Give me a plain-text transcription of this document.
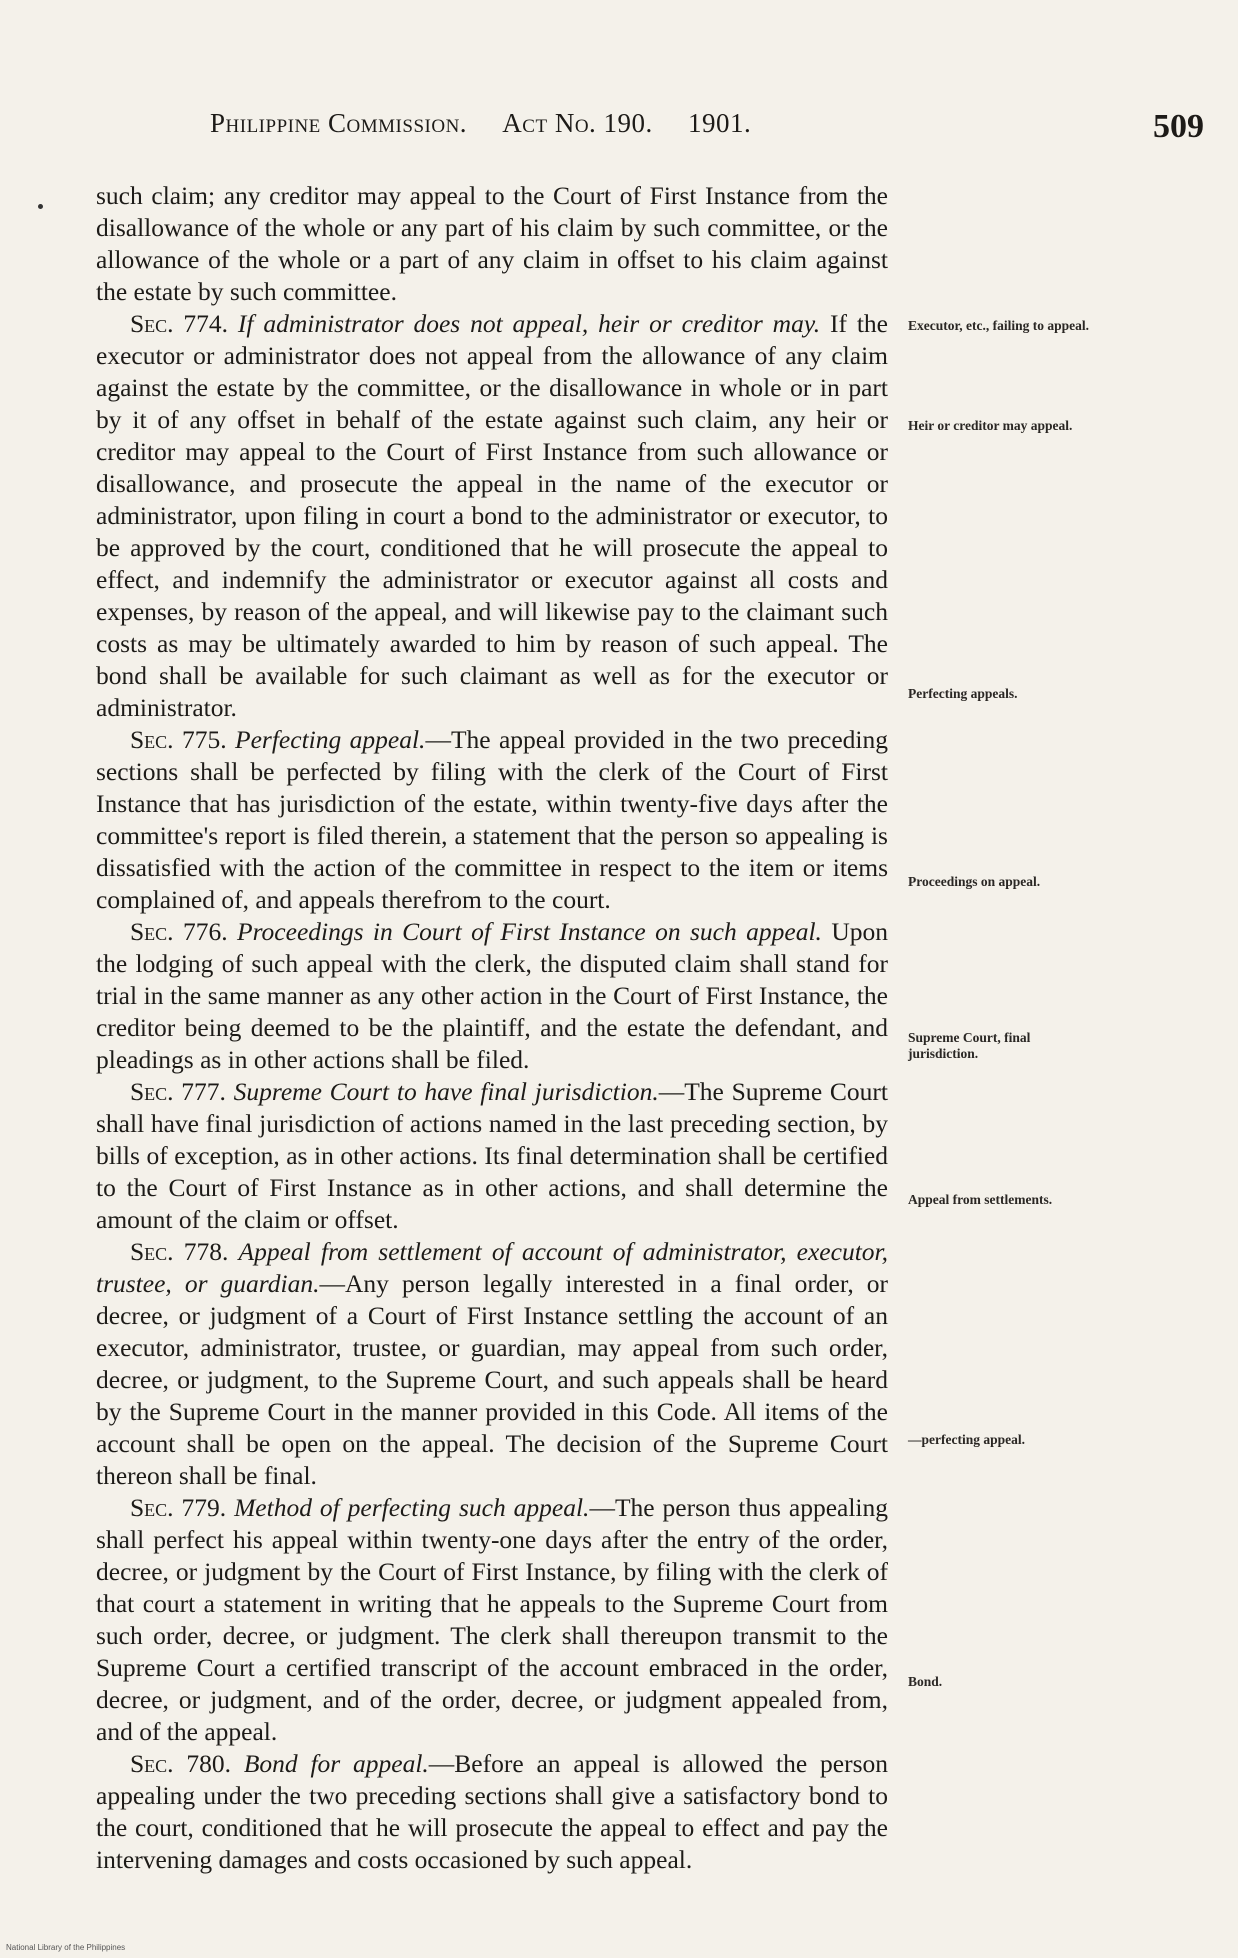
Philippine Commission. Act No. 190. 1901.	509

such claim; any creditor may appeal to the Court of First Instance from the disallowance of the whole or any part of his claim by such committee, or the allowance of the whole or a part of any claim in offset to his claim against the estate by such committee.

Sec. 774. If administrator does not appeal, heir or creditor may. If the executor or administrator does not appeal from the allowance of any claim against the estate by the committee, or the disallowance in whole or in part by it of any offset in behalf of the estate against such claim, any heir or creditor may appeal to the Court of First Instance from such allowance or disallowance, and prosecute the appeal in the name of the executor or administrator, upon filing in court a bond to the administrator or executor, to be approved by the court, conditioned that he will prosecute the appeal to effect, and indemnify the administrator or executor against all costs and expenses, by reason of the appeal, and will likewise pay to the claimant such costs as may be ultimately awarded to him by reason of such appeal. The bond shall be available for such claimant as well as for the executor or administrator.

Sec. 775. Perfecting appeal.—The appeal provided in the two preceding sections shall be perfected by filing with the clerk of the Court of First Instance that has jurisdiction of the estate, within twenty-five days after the committee's report is filed therein, a statement that the person so appealing is dissatisfied with the action of the committee in respect to the item or items complained of, and appeals therefrom to the court.

Sec. 776. Proceedings in Court of First Instance on such appeal. Upon the lodging of such appeal with the clerk, the disputed claim shall stand for trial in the same manner as any other action in the Court of First Instance, the creditor being deemed to be the plaintiff, and the estate the defendant, and pleadings as in other actions shall be filed.

Sec. 777. Supreme Court to have final jurisdiction.—The Supreme Court shall have final jurisdiction of actions named in the last preceding section, by bills of exception, as in other actions. Its final determination shall be certified to the Court of First Instance as in other actions, and shall determine the amount of the claim or offset.

Sec. 778. Appeal from settlement of account of administrator, executor, trustee, or guardian.—Any person legally interested in a final order, or decree, or judgment of a Court of First Instance settling the account of an executor, administrator, trustee, or guardian, may appeal from such order, decree, or judgment, to the Supreme Court, and such appeals shall be heard by the Supreme Court in the manner provided in this Code. All items of the account shall be open on the appeal. The decision of the Supreme Court thereon shall be final.

Sec. 779. Method of perfecting such appeal.—The person thus appealing shall perfect his appeal within twenty-one days after the entry of the order, decree, or judgment by the Court of First Instance, by filing with the clerk of that court a statement in writing that he appeals to the Supreme Court from such order, decree, or judgment. The clerk shall thereupon transmit to the Supreme Court a certified transcript of the account embraced in the order, decree, or judgment, and of the order, decree, or judgment appealed from, and of the appeal.

Sec. 780. Bond for appeal.—Before an appeal is allowed the person appealing under the two preceding sections shall give a satisfactory bond to the court, conditioned that he will prosecute the appeal to effect and pay the intervening damages and costs occasioned by such appeal.

Executor, etc., failing to appeal.
Heir or creditor may appeal.
Perfecting appeals.
Proceedings on appeal.
Supreme Court, final jurisdiction.
Appeal from settlements.
—perfecting appeal.
Bond.
National Library of the Philippines
